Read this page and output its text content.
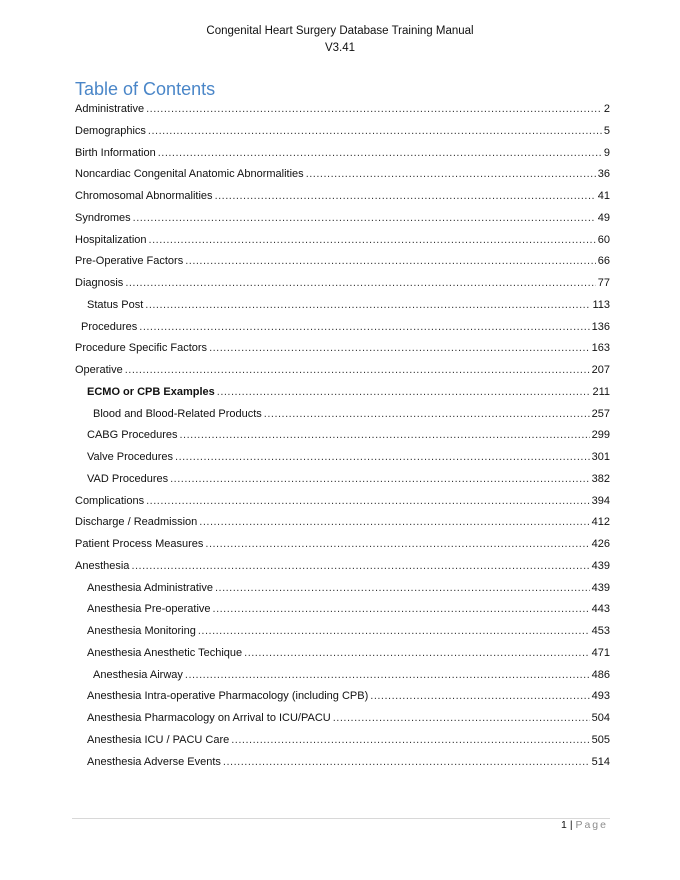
Congenital Heart Surgery Database Training Manual
V3.41
Table of Contents
Administrative .....	2
Demographics .....	5
Birth Information .....	9
Noncardiac Congenital Anatomic Abnormalities .....	36
Chromosomal Abnormalities .....	41
Syndromes .....	49
Hospitalization .....	60
Pre-Operative Factors .....	66
Diagnosis .....	77
Status Post .....	113
Procedures .....	136
Procedure Specific Factors .....	163
Operative .....	207
ECMO or CPB Examples .....	211
Blood and Blood-Related Products .....	257
CABG Procedures .....	299
Valve Procedures .....	301
VAD Procedures .....	382
Complications .....	394
Discharge / Readmission .....	412
Patient Process Measures .....	426
Anesthesia .....	439
Anesthesia Administrative .....	439
Anesthesia Pre-operative .....	443
Anesthesia Monitoring .....	453
Anesthesia Anesthetic Techique .....	471
Anesthesia Airway .....	486
Anesthesia Intra-operative Pharmacology (including CPB) .....	493
Anesthesia Pharmacology on Arrival to ICU/PACU .....	504
Anesthesia ICU / PACU Care .....	505
Anesthesia Adverse Events .....	514
1 | Page
